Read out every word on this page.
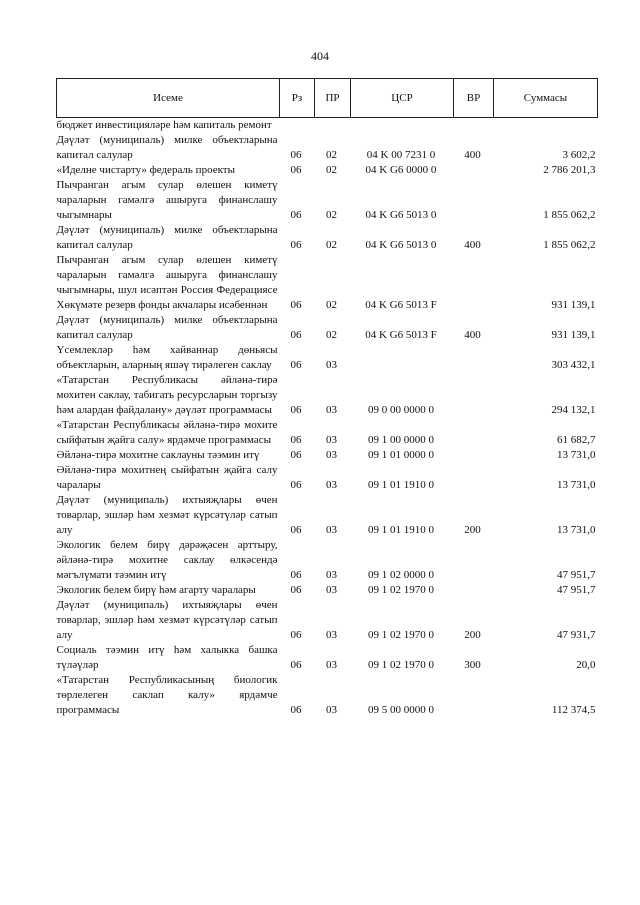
404
Исеме	Рз	ПР	ЦСР	ВР	Суммасы
бюджет инвестицияләре һәм капиталь ремонт					
Дәүләт (муниципаль) милке объектларына капитал салулар	06	02	04 K 00 7231 0	400	3 602,2
«Иделне чистарту» федераль проекты	06	02	04 K G6 0000 0		2 786 201,3
Пычранган агым сулар өлешен киметү чараларын гамәлгә ашыруга финанслашу чыгымнары	06	02	04 K G6 5013 0		1 855 062,2
Дәүләт (муниципаль) милке объектларына капитал салулар	06	02	04 K G6 5013 0	400	1 855 062,2
Пычранган агым сулар өлешен киметү чараларын гамәлгә ашыруга финанслашу чыгымнары, шул исәптән Россия Федерациясе Хөкүмәте резерв фонды акчалары исәбеннән	06	02	04 K G6 5013 F		931 139,1
Дәүләт (муниципаль) милке объектларына капитал салулар	06	02	04 K G6 5013 F	400	931 139,1
Үсемлекләр һәм хайваннар дөньясы объектларын, аларның яшәү тирәлеген саклау	06	03			303 432,1
«Татарстан Республикасы әйләнә-тирә мохитен саклау, табигать ресурсларын торгызу һәм алардан файдалану» дәүләт программасы	06	03	09 0 00 0000 0		294 132,1
«Татарстан Республикасы әйләнә-тирә мохите сыйфатын җайга салу» ярдәмче программасы	06	03	09 1 00 0000 0		61 682,7
Әйләнә-тирә мохитне саклауны тәэмин итү	06	03	09 1 01 0000 0		13 731,0
Әйләнә-тирә мохитнең сыйфатын җайга салу чаралары	06	03	09 1 01 1910 0		13 731,0
Дәүләт (муниципаль) ихтыяҗлары өчен товарлар, эшләр һәм хезмәт күрсәтүләр сатып алу	06	03	09 1 01 1910 0	200	13 731,0
Экологик белем бирү дәрәҗәсен арттыру, әйләнә-тирә мохитне саклау өлкәсендә мәгълүмати тәэмин итү	06	03	09 1 02 0000 0		47 951,7
Экологик белем бирү һәм агарту чаралары	06	03	09 1 02 1970 0		47 951,7
Дәүләт (муниципаль) ихтыяҗлары өчен товарлар, эшләр һәм хезмәт күрсәтүләр сатып алу	06	03	09 1 02 1970 0	200	47 931,7
Социаль тәэмин итү һәм халыкка башка түләүләр	06	03	09 1 02 1970 0	300	20,0
«Татарстан Республикасының биологик төрлелеген саклап калу» ярдәмче программасы	06	03	09 5 00 0000 0		112 374,5
